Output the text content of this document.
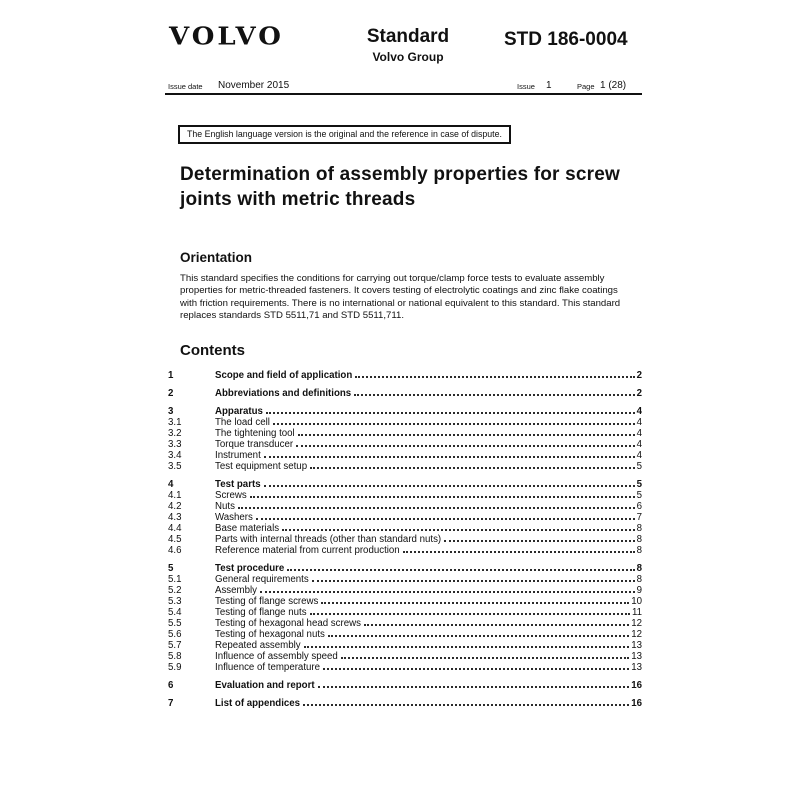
VOLVO	Standard
Volvo Group
STD 186-0004
Issue date November 2015	Issue 1	Page 1 (28)
The English language version is the original and the reference in case of dispute.
Determination of assembly properties for screw joints with metric threads
Orientation
This standard specifies the conditions for carrying out torque/clamp force tests to evaluate assembly properties for metric-threaded fasteners. It covers testing of electrolytic coatings and zinc flake coatings with friction requirements. There is no international or national equivalent to this standard. This standard replaces standards STD 5511,71 and STD 5511,711.
Contents
1	Scope and field of application	2
2	Abbreviations and definitions	2
3	Apparatus	4
3.1	The load cell	4
3.2	The tightening tool	4
3.3	Torque transducer	4
3.4	Instrument	4
3.5	Test equipment setup	5
4	Test parts	5
4.1	Screws	5
4.2	Nuts	6
4.3	Washers	7
4.4	Base materials	8
4.5	Parts with internal threads (other than standard nuts)	8
4.6	Reference material from current production	8
5	Test procedure	8
5.1	General requirements	8
5.2	Assembly	9
5.3	Testing of flange screws	10
5.4	Testing of flange nuts	11
5.5	Testing of hexagonal head screws	12
5.6	Testing of hexagonal nuts	12
5.7	Repeated assembly	13
5.8	Influence of assembly speed	13
5.9	Influence of temperature	13
6	Evaluation and report	16
7	List of appendices	16
